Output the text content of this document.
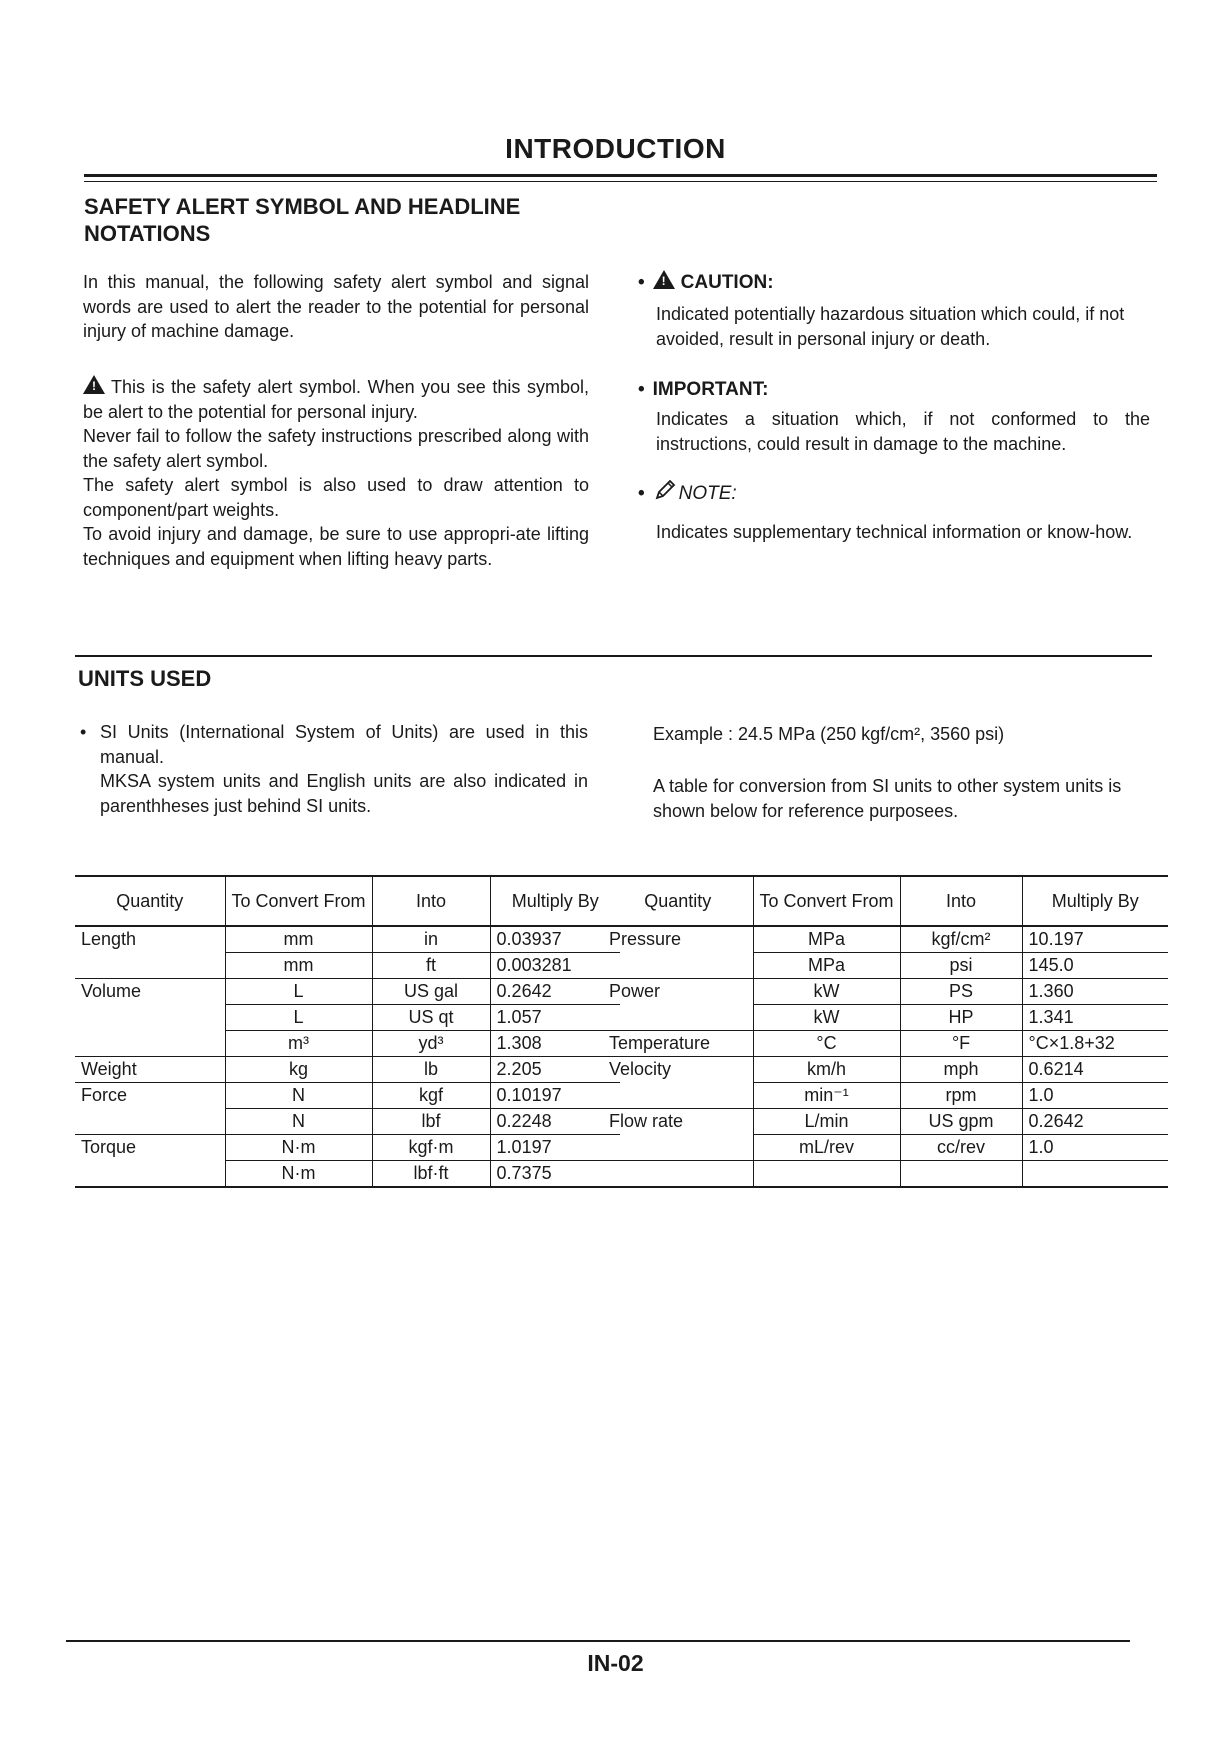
INTRODUCTION
SAFETY ALERT SYMBOL AND HEADLINE
NOTATIONS

In this manual, the following safety alert symbol and signal words are used to alert the reader to the potential for personal injury of machine damage.

!This is the safety alert symbol. When you see this symbol, be alert to the potential for personal injury.
Never fail to follow the safety instructions prescribed along with the safety alert symbol.
The safety alert symbol is also used to draw attention to component/part weights.
To avoid injury and damage, be sure to use appropri-ate lifting techniques and equipment when lifting heavy parts.
• ! CAUTION:

Indicated potentially hazardous situation which could, if not avoided, result in personal injury or death.

• IMPORTANT:

Indicates a situation which, if not conformed to the instructions, could result in damage to the machine.

• NOTE:

Indicates supplementary technical information or know-how.

UNITS USED
• SI Units (International System of Units) are used in this manual.
MKSA system units and English units are also indicated in parenthheses just behind SI units.

Example : 24.5 MPa (250 kgf/cm², 3560 psi)

A table for conversion from SI units to other system units is shown below for reference purposees.

Quantity	To Convert From	Into	Multiply By
Length	mm	in	0.03937
	mm	ft	0.003281
Volume	L	US gal	0.2642
	L	US qt	1.057
	m³	yd³	1.308
Weight	kg	lb	2.205
Force	N	kgf	0.10197
	N	lbf	0.2248
Torque	N·m	kgf·m	1.0197
	N·m	lbf·ft	0.7375
Quantity	To Convert From	Into	Multiply By
Pressure	MPa	kgf/cm²	10.197
	MPa	psi	145.0
Power	kW	PS	1.360
	kW	HP	1.341
Temperature	°C	°F	°C×1.8+32
Velocity	km/h	mph	0.6214
	min⁻¹	rpm	1.0
Flow rate	L/min	US gpm	0.2642
	mL/rev	cc/rev	1.0

IN-02
